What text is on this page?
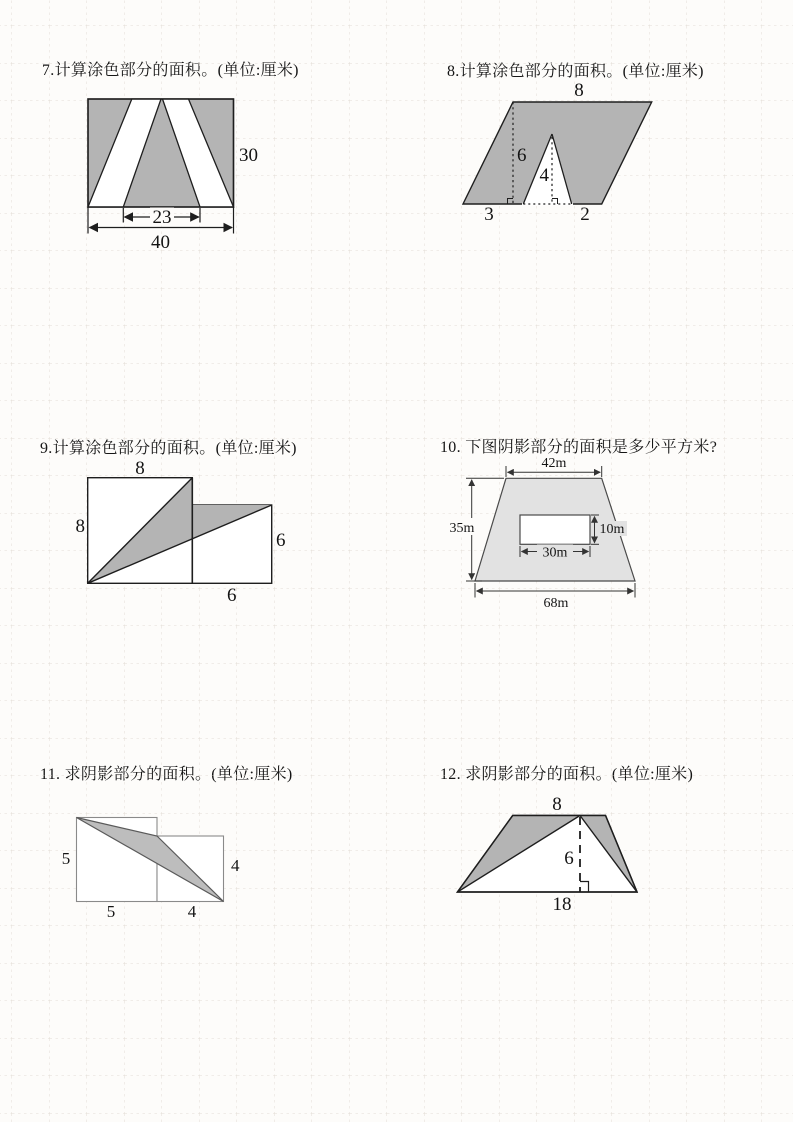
23
40
30
8
6
4
3	2
8
8
6
6
42m
35m
68m
30m
10m
5
5
4
4
8
6
18
